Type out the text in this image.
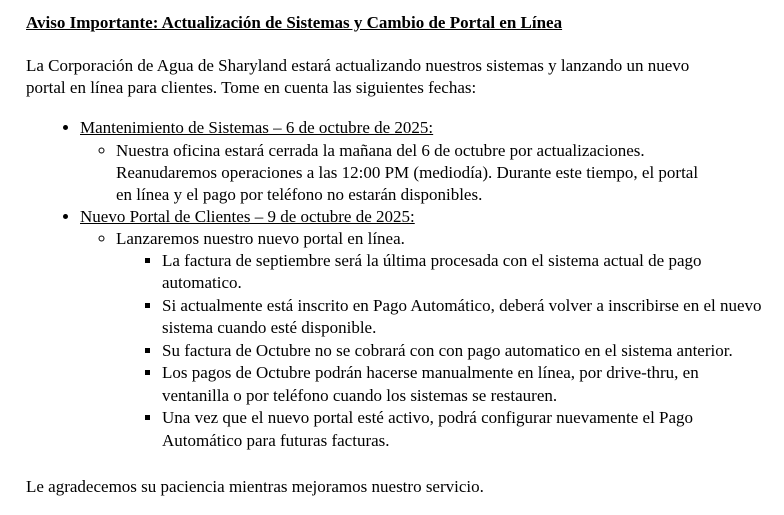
Aviso Importante: Actualización de Sistemas y Cambio de Portal en Línea

La Corporación de Agua de Sharyland estará actualizando nuestros sistemas y lanzando un nuevo portal en línea para clientes. Tome en cuenta las siguientes fechas:

• Mantenimiento de Sistemas – 6 de octubre de 2025:
◦ Nuestra oficina estará cerrada la mañana del 6 de octubre por actualizaciones. Reanudaremos operaciones a las 12:00 PM (mediodía). Durante este tiempo, el portal en línea y el pago por teléfono no estarán disponibles.
• Nuevo Portal de Clientes – 9 de octubre de 2025:
◦ Lanzaremos nuestro nuevo portal en línea.
▪ La factura de septiembre será la última procesada con el sistema actual de pago automatico.
▪ Si actualmente está inscrito en Pago Automático, deberá volver a inscribirse en el nuevo sistema cuando esté disponible.
▪ Su factura de Octubre no se cobrará con con pago automatico en el sistema anterior.
▪ Los pagos de Octubre podrán hacerse manualmente en línea, por drive-thru, en ventanilla o por teléfono cuando los sistemas se restauren.
▪ Una vez que el nuevo portal esté activo, podrá configurar nuevamente el Pago Automático para futuras facturas.

Le agradecemos su paciencia mientras mejoramos nuestro servicio.
